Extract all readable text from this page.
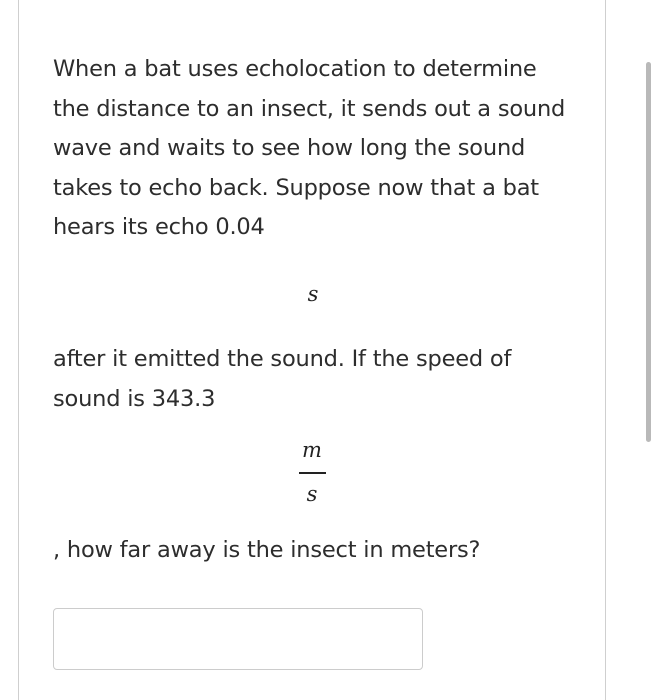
When a bat uses echolocation to determine
the distance to an insect, it sends out a sound
wave and waits to see how long the sound
takes to echo back. Suppose now that a bat
hears its echo 0.04

s

after it emitted the sound. If the speed of
sound is 343.3

m
s

, how far away is the insect in meters?
